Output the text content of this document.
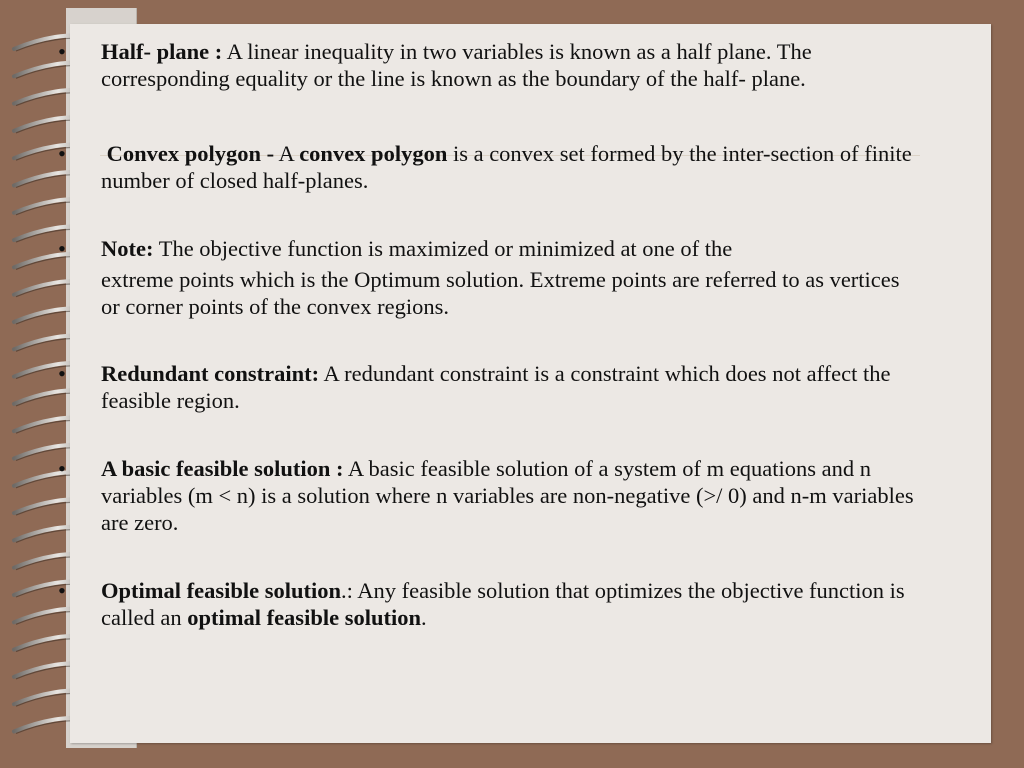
•	Half- plane : A linear inequality in two variables is known as a half plane. The corresponding equality or the line is known as the boundary of the half- plane.
•	Convex polygon - A convex polygon is a convex set formed by the inter-section of finite number of closed half-planes.
•	Note: The objective function is maximized or minimized at one of the
extreme points which is the Optimum solution. Extreme points are referred to as vertices or corner points of the convex regions.
•	Redundant constraint: A redundant constraint is a constraint which does not affect the feasible region.
•	A basic feasible solution : A basic feasible solution of a system of m equations and n variables (m < n) is a solution where n variables are non-negative (>/ 0) and n-m variables are zero.
•	Optimal feasible solution.: Any feasible solution that optimizes the objective function is called an optimal feasible solution.
